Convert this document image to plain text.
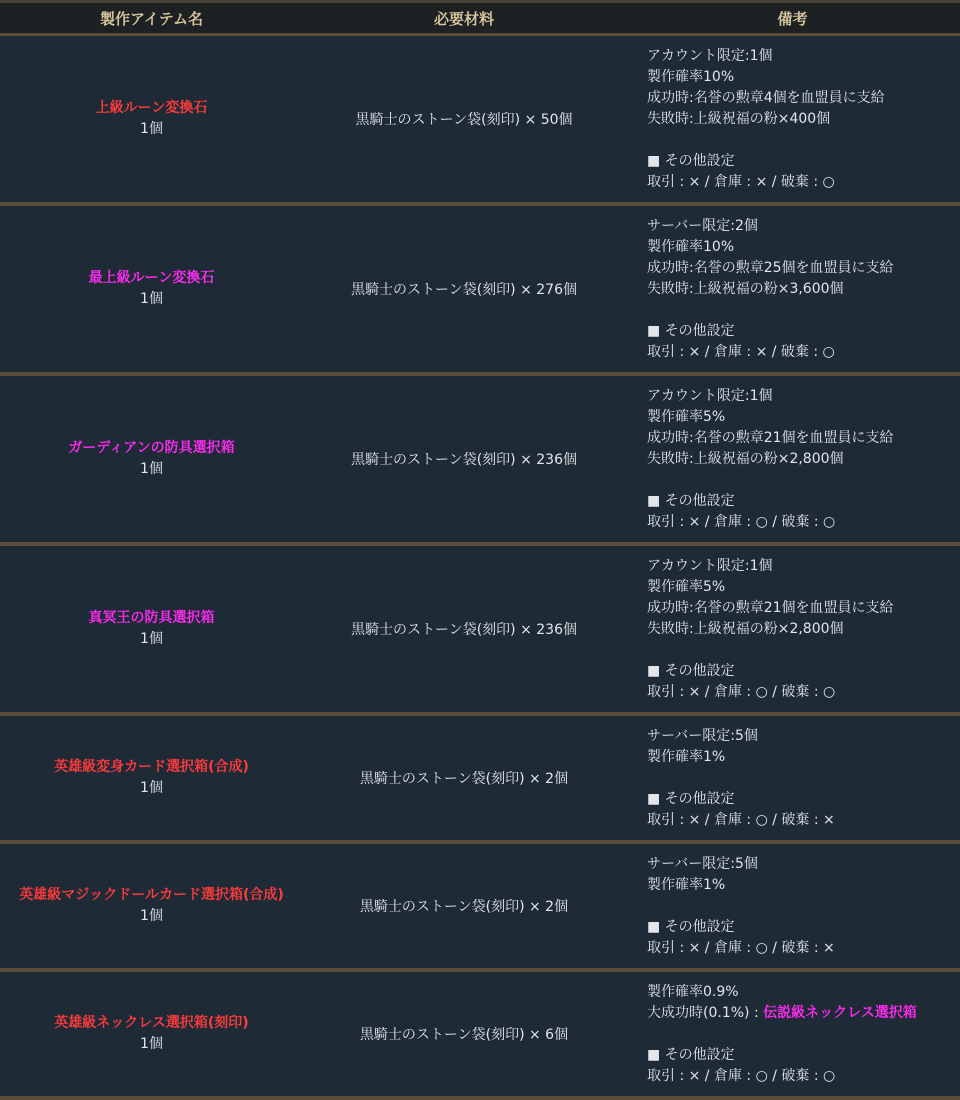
製作アイテム名	必要材料	備考
上級ルーン変換石
1個
黒騎士のストーン袋(刻印) × 50個
アカウント限定:1個
製作確率10%
成功時:名誉の勲章4個を血盟員に支給
失敗時:上級祝福の粉×400個
■ その他設定
取引 : × / 倉庫 : × / 破棄 : ○
最上級ルーン変換石
1個
黒騎士のストーン袋(刻印) × 276個
サーバー限定:2個
製作確率10%
成功時:名誉の勲章25個を血盟員に支給
失敗時:上級祝福の粉×3,600個
■ その他設定
取引 : × / 倉庫 : × / 破棄 : ○
ガーディアンの防具選択箱
1個
黒騎士のストーン袋(刻印) × 236個
アカウント限定:1個
製作確率5%
成功時:名誉の勲章21個を血盟員に支給
失敗時:上級祝福の粉×2,800個
■ その他設定
取引 : × / 倉庫 : ○ / 破棄 : ○
真冥王の防具選択箱
1個
黒騎士のストーン袋(刻印) × 236個
アカウント限定:1個
製作確率5%
成功時:名誉の勲章21個を血盟員に支給
失敗時:上級祝福の粉×2,800個
■ その他設定
取引 : × / 倉庫 : ○ / 破棄 : ○
英雄級変身カード選択箱(合成)
1個
黒騎士のストーン袋(刻印) × 2個
サーバー限定:5個
製作確率1%
■ その他設定
取引 : × / 倉庫 : ○ / 破棄 : ×
英雄級マジックドールカード選択箱(合成)
1個
黒騎士のストーン袋(刻印) × 2個
サーバー限定:5個
製作確率1%
■ その他設定
取引 : × / 倉庫 : ○ / 破棄 : ×
英雄級ネックレス選択箱(刻印)
1個
黒騎士のストーン袋(刻印) × 6個
製作確率0.9%
大成功時(0.1%) : 伝説級ネックレス選択箱
■ その他設定
取引 : × / 倉庫 : ○ / 破棄 : ○
